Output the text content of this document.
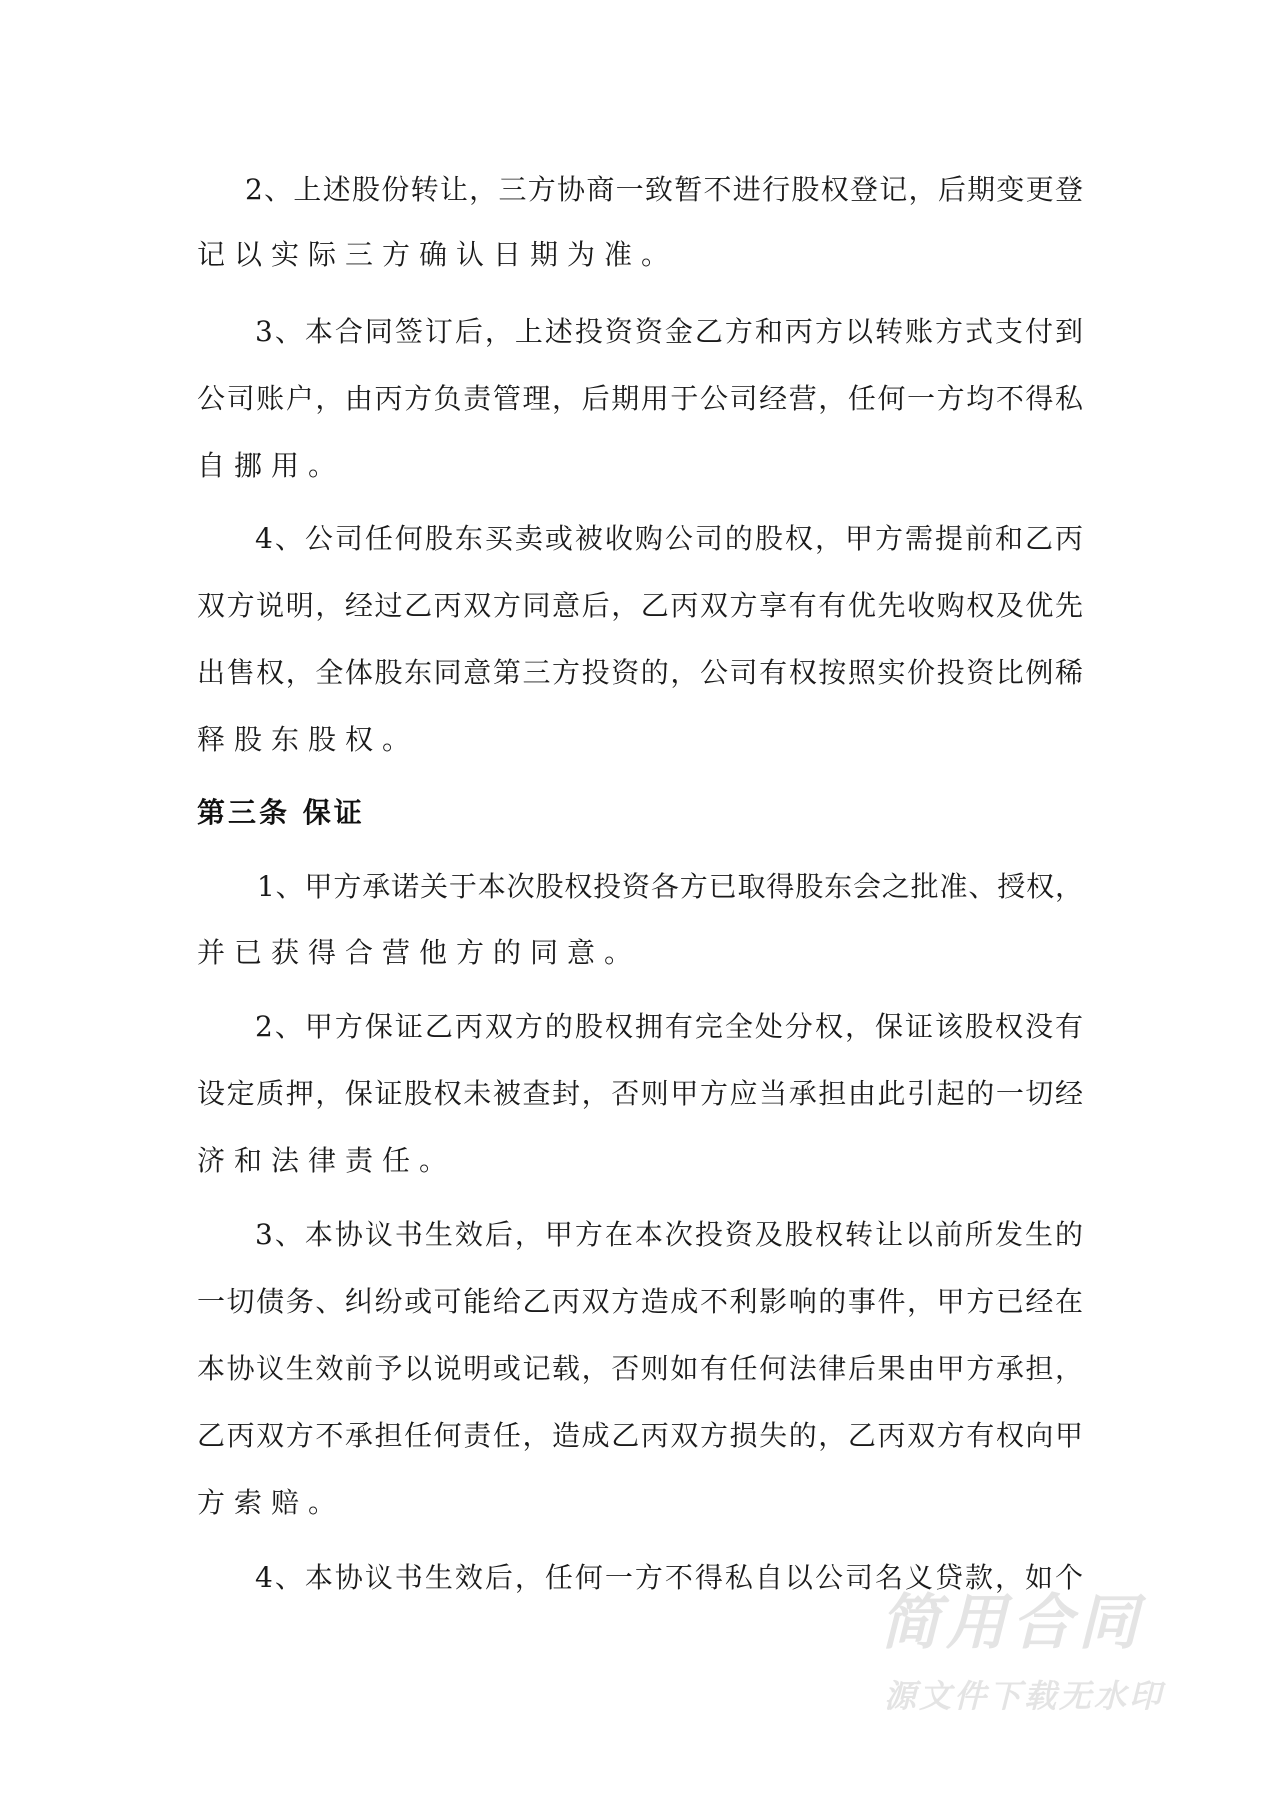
2、上述股份转让，三方协商一致暂不进行股权登记，后期变更登
记以实际三方确认日期为准。
3、本合同签订后，上述投资资金乙方和丙方以转账方式支付到
公司账户，由丙方负责管理，后期用于公司经营，任何一方均不得私
自挪用。
4、公司任何股东买卖或被收购公司的股权，甲方需提前和乙丙
双方说明，经过乙丙双方同意后，乙丙双方享有有优先收购权及优先
出售权，全体股东同意第三方投资的，公司有权按照实价投资比例稀
释股东股权。
第三条 保证
1、甲方承诺关于本次股权投资各方已取得股东会之批准、授权，
并已获得合营他方的同意。
2、甲方保证乙丙双方的股权拥有完全处分权，保证该股权没有
设定质押，保证股权未被查封，否则甲方应当承担由此引起的一切经
济和法律责任。
3、本协议书生效后，甲方在本次投资及股权转让以前所发生的
一切债务、纠纷或可能给乙丙双方造成不利影响的事件，甲方已经在
本协议生效前予以说明或记载，否则如有任何法律后果由甲方承担，
乙丙双方不承担任何责任，造成乙丙双方损失的，乙丙双方有权向甲
方索赔。
4、本协议书生效后，任何一方不得私自以公司名义贷款，如个
简用合同
源文件下载无水印
